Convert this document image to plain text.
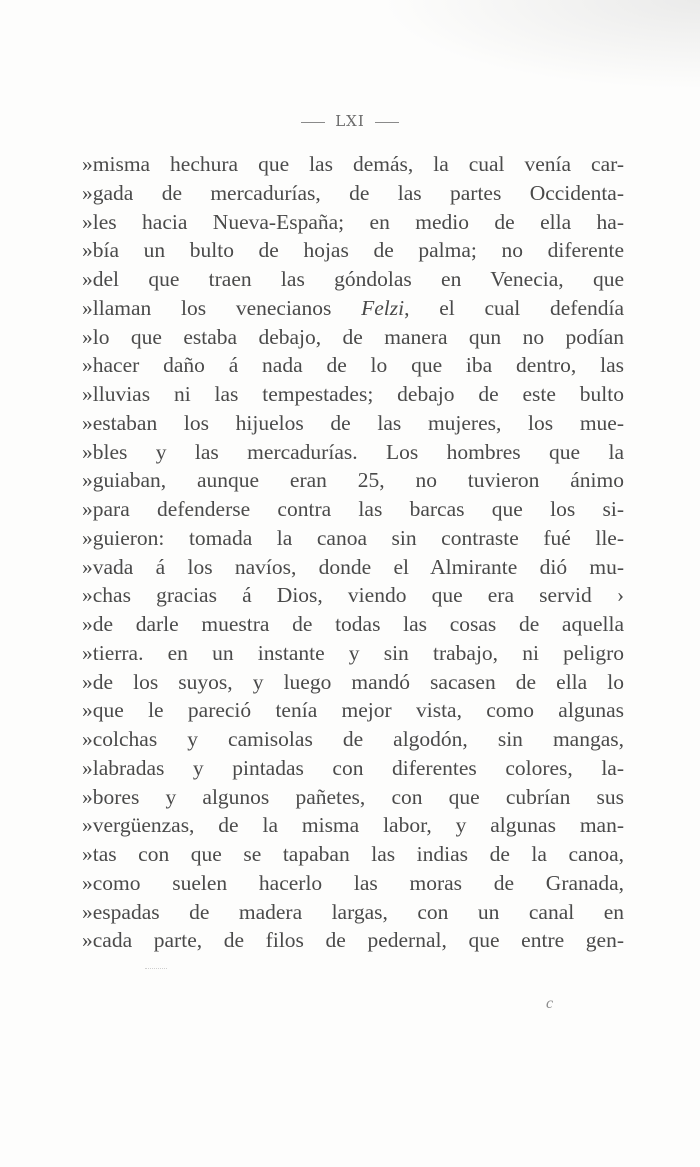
LXI
»misma hechura que las demás, la cual venía car-
»gada de mercadurías, de las partes Occidenta-
»les hacia Nueva-España; en medio de ella ha-
»bía un bulto de hojas de palma; no diferente
»del que traen las góndolas en Venecia, que
»llaman los venecianos Felzi, el cual defendía
»lo que estaba debajo, de manera qun no podían
»hacer daño á nada de lo que iba dentro, las
»lluvias ni las tempestades; debajo de este bulto
»estaban los hijuelos de las mujeres, los mue-
»bles y las mercadurías. Los hombres que la
»guiaban, aunque eran 25, no tuvieron ánimo
»para defenderse contra las barcas que los si-
»guieron: tomada la canoa sin contraste fué lle-
»vada á los navíos, donde el Almirante dió mu-
»chas gracias á Dios, viendo que era servid ›
»de darle muestra de todas las cosas de aquella
»tierra. en un instante y sin trabajo, ni peligro
»de los suyos, y luego mandó sacasen de ella lo
»que le pareció tenía mejor vista, como algunas
»colchas y camisolas de algodón, sin mangas,
»labradas y pintadas con diferentes colores, la-
»bores y algunos pañetes, con que cubrían sus
»vergüenzas, de la misma labor, y algunas man-
»tas con que se tapaban las indias de la canoa,
»como suelen hacerlo las moras de Granada,
»espadas de madera largas, con un canal en
»cada parte, de filos de pedernal, que entre gen-
c
